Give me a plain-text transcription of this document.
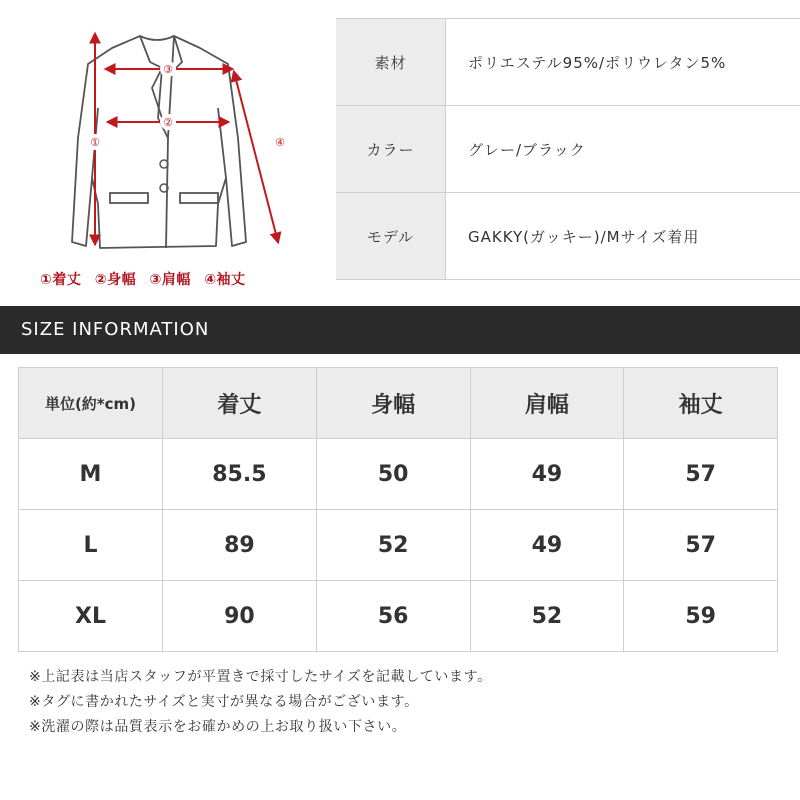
①
②
③
④
①着丈 ②身幅 ③肩幅 ④袖丈
素材	ポリエステル95%/ポリウレタン5%
カラー	グレー/ブラック
モデル	GAKKY(ガッキー)/Mサイズ着用
SIZE INFORMATION
単位(約*cm)	着丈	身幅	肩幅	袖丈
M	85.5	50	49	57
L	89	52	49	57
XL	90	56	52	59
※上記表は当店スタッフが平置きで採寸したサイズを記載しています。
※タグに書かれたサイズと実寸が異なる場合がございます。
※洗濯の際は品質表示をお確かめの上お取り扱い下さい。
